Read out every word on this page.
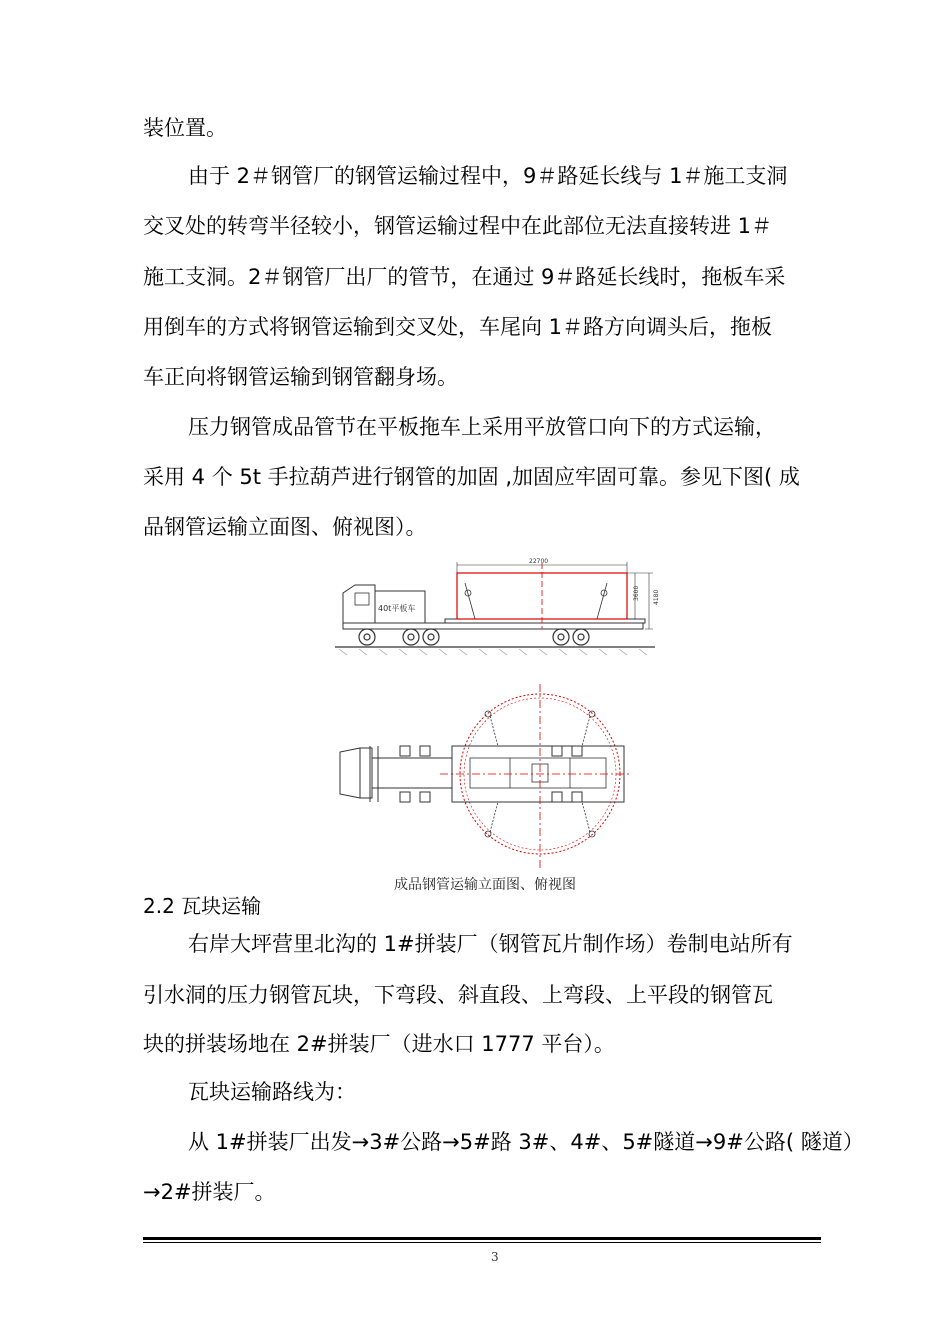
装位置。
由于 2＃钢管厂的钢管运输过程中，9＃路延长线与 1＃施工支洞
交叉处的转弯半径较小，钢管运输过程中在此部位无法直接转进 1＃
施工支洞。2＃钢管厂出厂的管节，在通过 9＃路延长线时，拖板车采
用倒车的方式将钢管运输到交叉处，车尾向 1＃路方向调头后，拖板
车正向将钢管运输到钢管翻身场。
压力钢管成品管节在平板拖车上采用平放管口向下的方式运输，
采用 4 个 5t 手拉葫芦进行钢管的加固 ,加固应牢固可靠。参见下图( 成
品钢管运输立面图、俯视图）。
40t平板车
22700
3600 4180
成品钢管运输立面图、俯视图
2.2 瓦块运输
右岸大坪营里北沟的 1#拼装厂（钢管瓦片制作场）卷制电站所有
引水洞的压力钢管瓦块，下弯段、斜直段、上弯段、上平段的钢管瓦
块的拼装场地在 2#拼装厂（进水口 1777 平台）。
瓦块运输路线为：
从 1#拼装厂出发→3#公路→5#路 3#、4#、5#隧道→9#公路( 隧道）
→2#拼装厂。
3
